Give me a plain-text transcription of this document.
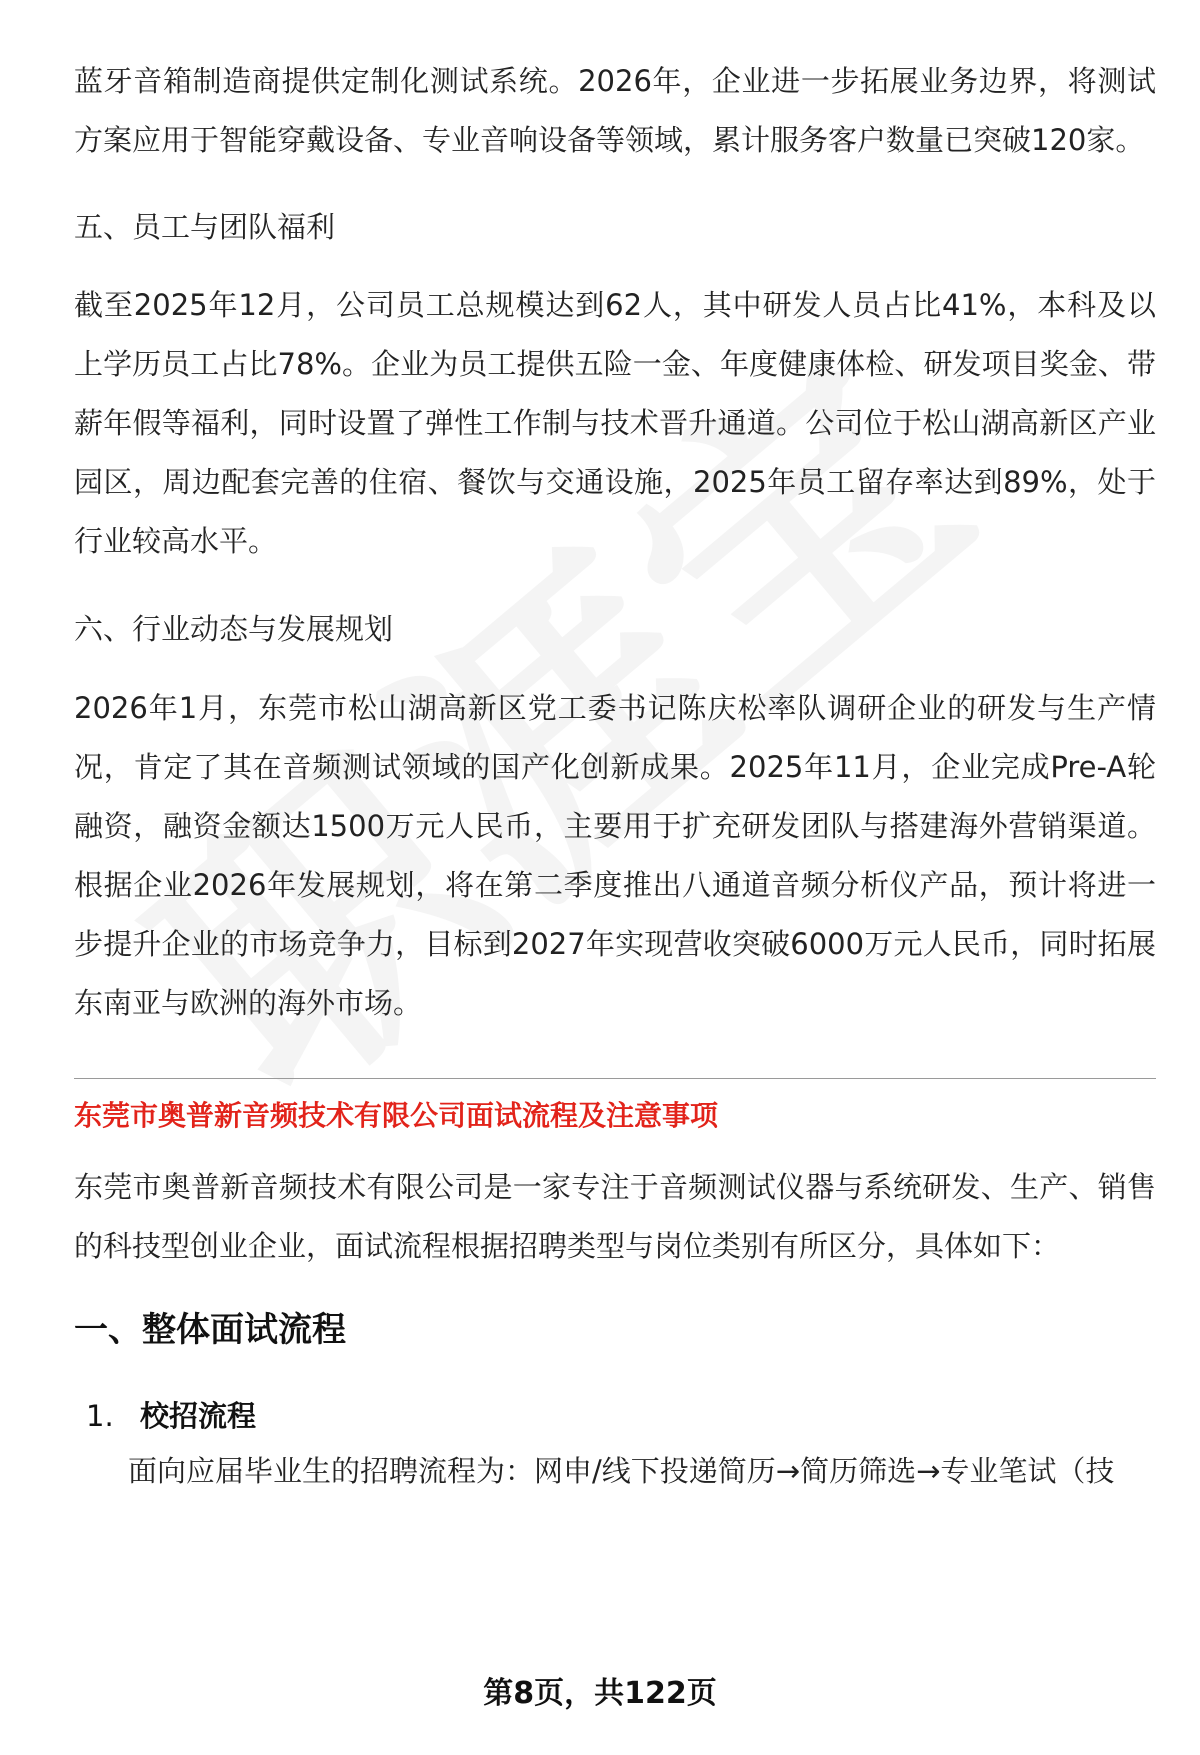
蓝牙音箱制造商提供定制化测试系统。2026年，企业进一步拓展业务边界，将测试方案应用于智能穿戴设备、专业音响设备等领域，累计服务客户数量已突破120家。

五、员工与团队福利

截至2025年12月，公司员工总规模达到62人，其中研发人员占比41%，本科及以上学历员工占比78%。企业为员工提供五险一金、年度健康体检、研发项目奖金、带薪年假等福利，同时设置了弹性工作制与技术晋升通道。公司位于松山湖高新区产业园区，周边配套完善的住宿、餐饮与交通设施，2025年员工留存率达到89%，处于行业较高水平。

六、行业动态与发展规划

2026年1月，东莞市松山湖高新区党工委书记陈庆松率队调研企业的研发与生产情况，肯定了其在音频测试领域的国产化创新成果。2025年11月，企业完成Pre-A轮融资，融资金额达1500万元人民币，主要用于扩充研发团队与搭建海外营销渠道。根据企业2026年发展规划，将在第二季度推出八通道音频分析仪产品，预计将进一步提升企业的市场竞争力，目标到2027年实现营收突破6000万元人民币，同时拓展东南亚与欧洲的海外市场。

东莞市奥普新音频技术有限公司面试流程及注意事项

东莞市奥普新音频技术有限公司是一家专注于音频测试仪器与系统研发、生产、销售的科技型创业企业，面试流程根据招聘类型与岗位类别有所区分，具体如下：

一、整体面试流程

1. 校招流程

面向应届毕业生的招聘流程为：网申/线下投递简历→简历筛选→专业笔试（技

第8页，共122页
